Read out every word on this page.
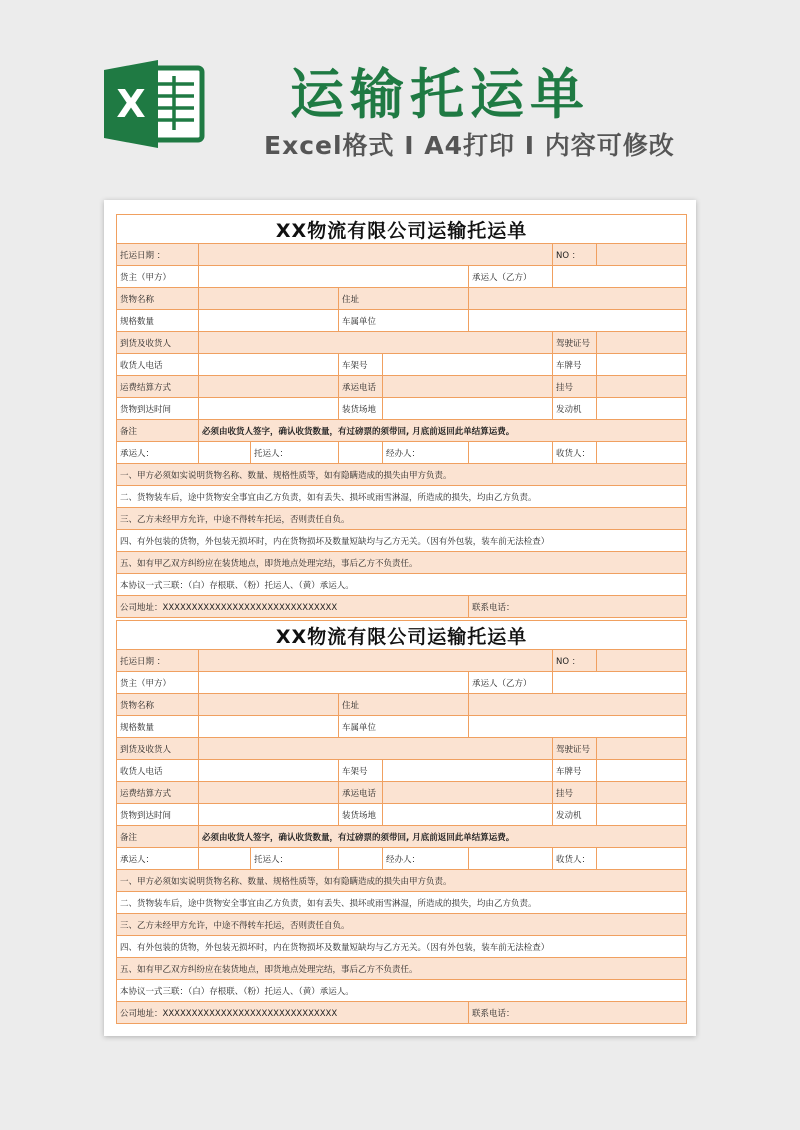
X	运输托运单
Excel格式 I A4打印 I 内容可修改
XX物流有限公司运输托运单							
托运日期 ：						NO ：	
货主（甲方）					承运人（乙方）		
货物名称			住址				
规格数量			车属单位				
到货及收货人						驾驶证号	
收货人电话			车架号			车牌号	
运费结算方式			承运电话			挂号	
货物到达时间			装货场地			发动机	
备注	必须由收货人签字，确认收货数量，有过磅票的须带回, 月底前返回此单结算运费。						
承运人：		托运人：		经办人：		收货人：	
一、甲方必须如实说明货物名称、数量、规格性质等，如有隐瞒造成的损失由甲方负责。							
二、货物装车后，途中货物安全事宜由乙方负责，如有丢失、损坏或雨雪淋湿，所造成的损失，均由乙方负责。							
三、乙方未经甲方允许，中途不得转车托运，否则责任自负。							
四、有外包装的货物，外包装无损坏时，内在货物损坏及数量短缺均与乙方无关。（因有外包装，装车前无法检查）							
五、如有甲乙双方纠纷应在装货地点，即货地点处理完结，事后乙方不负责任。							
本协议一式三联：（白）存根联、（粉）托运人、（黄）承运人。							
公司地址：XXXXXXXXXXXXXXXXXXXXXXXXXXXXXX					联系电话：		
XX物流有限公司运输托运单							
托运日期 ：						NO ：	
货主（甲方）					承运人（乙方）		
货物名称			住址				
规格数量			车属单位				
到货及收货人						驾驶证号	
收货人电话			车架号			车牌号	
运费结算方式			承运电话			挂号	
货物到达时间			装货场地			发动机	
备注	必须由收货人签字，确认收货数量，有过磅票的须带回, 月底前返回此单结算运费。						
承运人：		托运人：		经办人：		收货人：	
一、甲方必须如实说明货物名称、数量、规格性质等，如有隐瞒造成的损失由甲方负责。							
二、货物装车后，途中货物安全事宜由乙方负责，如有丢失、损坏或雨雪淋湿，所造成的损失，均由乙方负责。							
三、乙方未经甲方允许，中途不得转车托运，否则责任自负。							
四、有外包装的货物，外包装无损坏时，内在货物损坏及数量短缺均与乙方无关。（因有外包装，装车前无法检查）							
五、如有甲乙双方纠纷应在装货地点，即货地点处理完结，事后乙方不负责任。							
本协议一式三联：（白）存根联、（粉）托运人、（黄）承运人。							
公司地址：XXXXXXXXXXXXXXXXXXXXXXXXXXXXXX					联系电话：		
